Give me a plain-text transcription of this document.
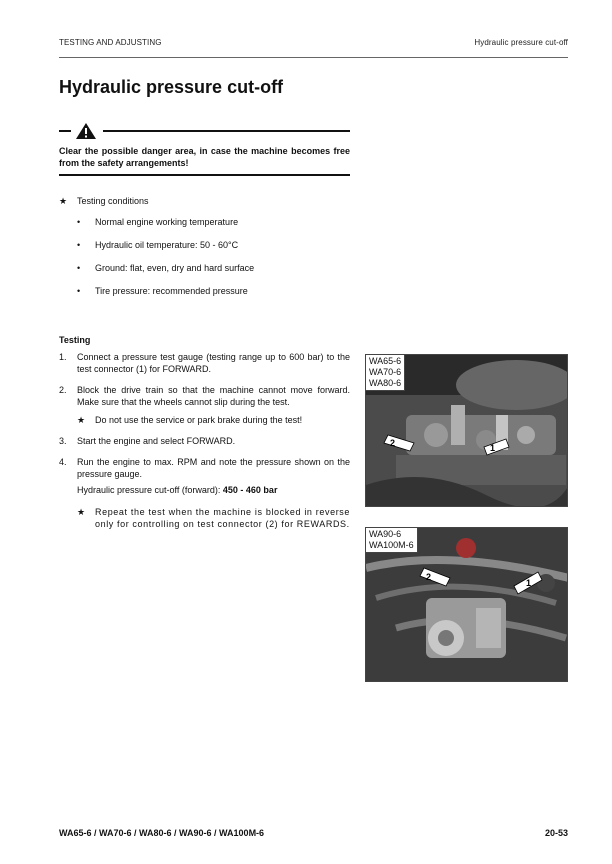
TESTING AND ADJUSTING	Hydraulic pressure cut-off
Hydraulic pressure cut-off
Clear the possible danger area, in case the machine becomes free from the safety arrangements!
★	Testing conditions
•	Normal engine working temperature
•	Hydraulic oil temperature: 50 - 60°C
•	Ground: flat, even, dry and hard surface
•	Tire pressure: recommended pressure
Testing
1.	Connect a pressure test gauge (testing range up to 600 bar) to the test connector (1) for FORWARD.
2.	Block the drive train so that the machine cannot move forward. Make sure that the wheels cannot slip during the test.
★	Do not use the service or park brake during the test!
3.	Start the engine and select FORWARD.
4.	Run the engine to max. RPM and note the pressure shown on the pressure gauge.
Hydraulic pressure cut-off (forward): 450 - 460 bar
★	Repeat the test when the machine is blocked in reverse only for controlling on test connector (2) for REWARDS.
WA65-6
WA70-6
WA80-6
2	1
WA90-6
WA100M-6
2
1
WA65-6 / WA70-6 / WA80-6 / WA90-6 / WA100M-6	20-53
